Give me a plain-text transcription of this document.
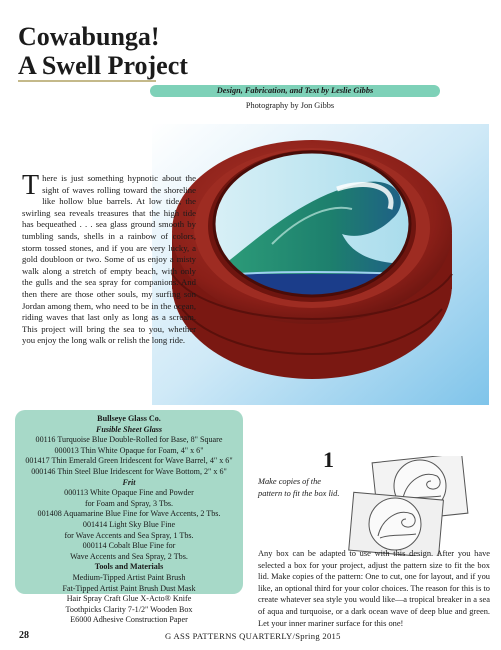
Cowabunga!
A Swell Project
Design, Fabrication, and Text by Leslie Gibbs
Photography by Jon Gibbs
There is just something hypnotic about the sight of waves rolling toward the shoreline like hollow blue barrels. At low tide, the swirling sea reveals treasures that the high tide has bequeathed . . . sea glass ground smooth by tumbling sands, shells in a rainbow of colors, storm tossed stones, and if you are very lucky, a gold doubloon or two. Some of us enjoy a misty walk along a stretch of empty beach, with only the gulls and the sea spray for companions. And then there are those other souls, my surfing son Jordan among them, who need to be in the ocean, riding waves that last only as long as a scream. This project will bring the sea to you, whether you enjoy the long walk or relish the long ride.
Bullseye Glass Co.
Fusible Sheet Glass
00116 Turquoise Blue Double-Rolled for Base, 8" Square
000013 Thin White Opaque for Foam, 4" x 6"
001417 Thin Emerald Green Iridescent for Wave Barrel, 4" x 6"
000146 Thin Steel Blue Iridescent for Wave Bottom, 2" x 6"
Frit
000113 White Opaque Fine and Powder
for Foam and Spray, 3 Tbs.
001408 Aquamarine Blue Fine for Wave Accents, 2 Tbs.
001414 Light Sky Blue Fine
for Wave Accents and Sea Spray, 1 Tbs.
000114 Cobalt Blue Fine for
Wave Accents and Sea Spray, 2 Tbs.
Tools and Materials
Medium-Tipped Artist Paint Brush
Fat-Tipped Artist Paint Brush Dust Mask
Hair Spray Craft Glue X-Acto® Knife
Toothpicks Clarity 7-1/2" Wooden Box
E6000 Adhesive Construction Paper
1
Make copies of the pattern to fit the box lid.
Any box can be adapted to use with this design. After you have selected a box for your project, adjust the pattern size to fit the box lid. Make copies of the pattern: One to cut, one for layout, and if you like, an optional third for your color choices. The reason for this is to create whatever sea style you would like—a tropical breaker in a sea of aqua and turquoise, or a dark ocean wave of deep blue and green. Let your inner mariner surface for this one!
28	G ASS PATTERNS QUARTERLY/Spring 2015
